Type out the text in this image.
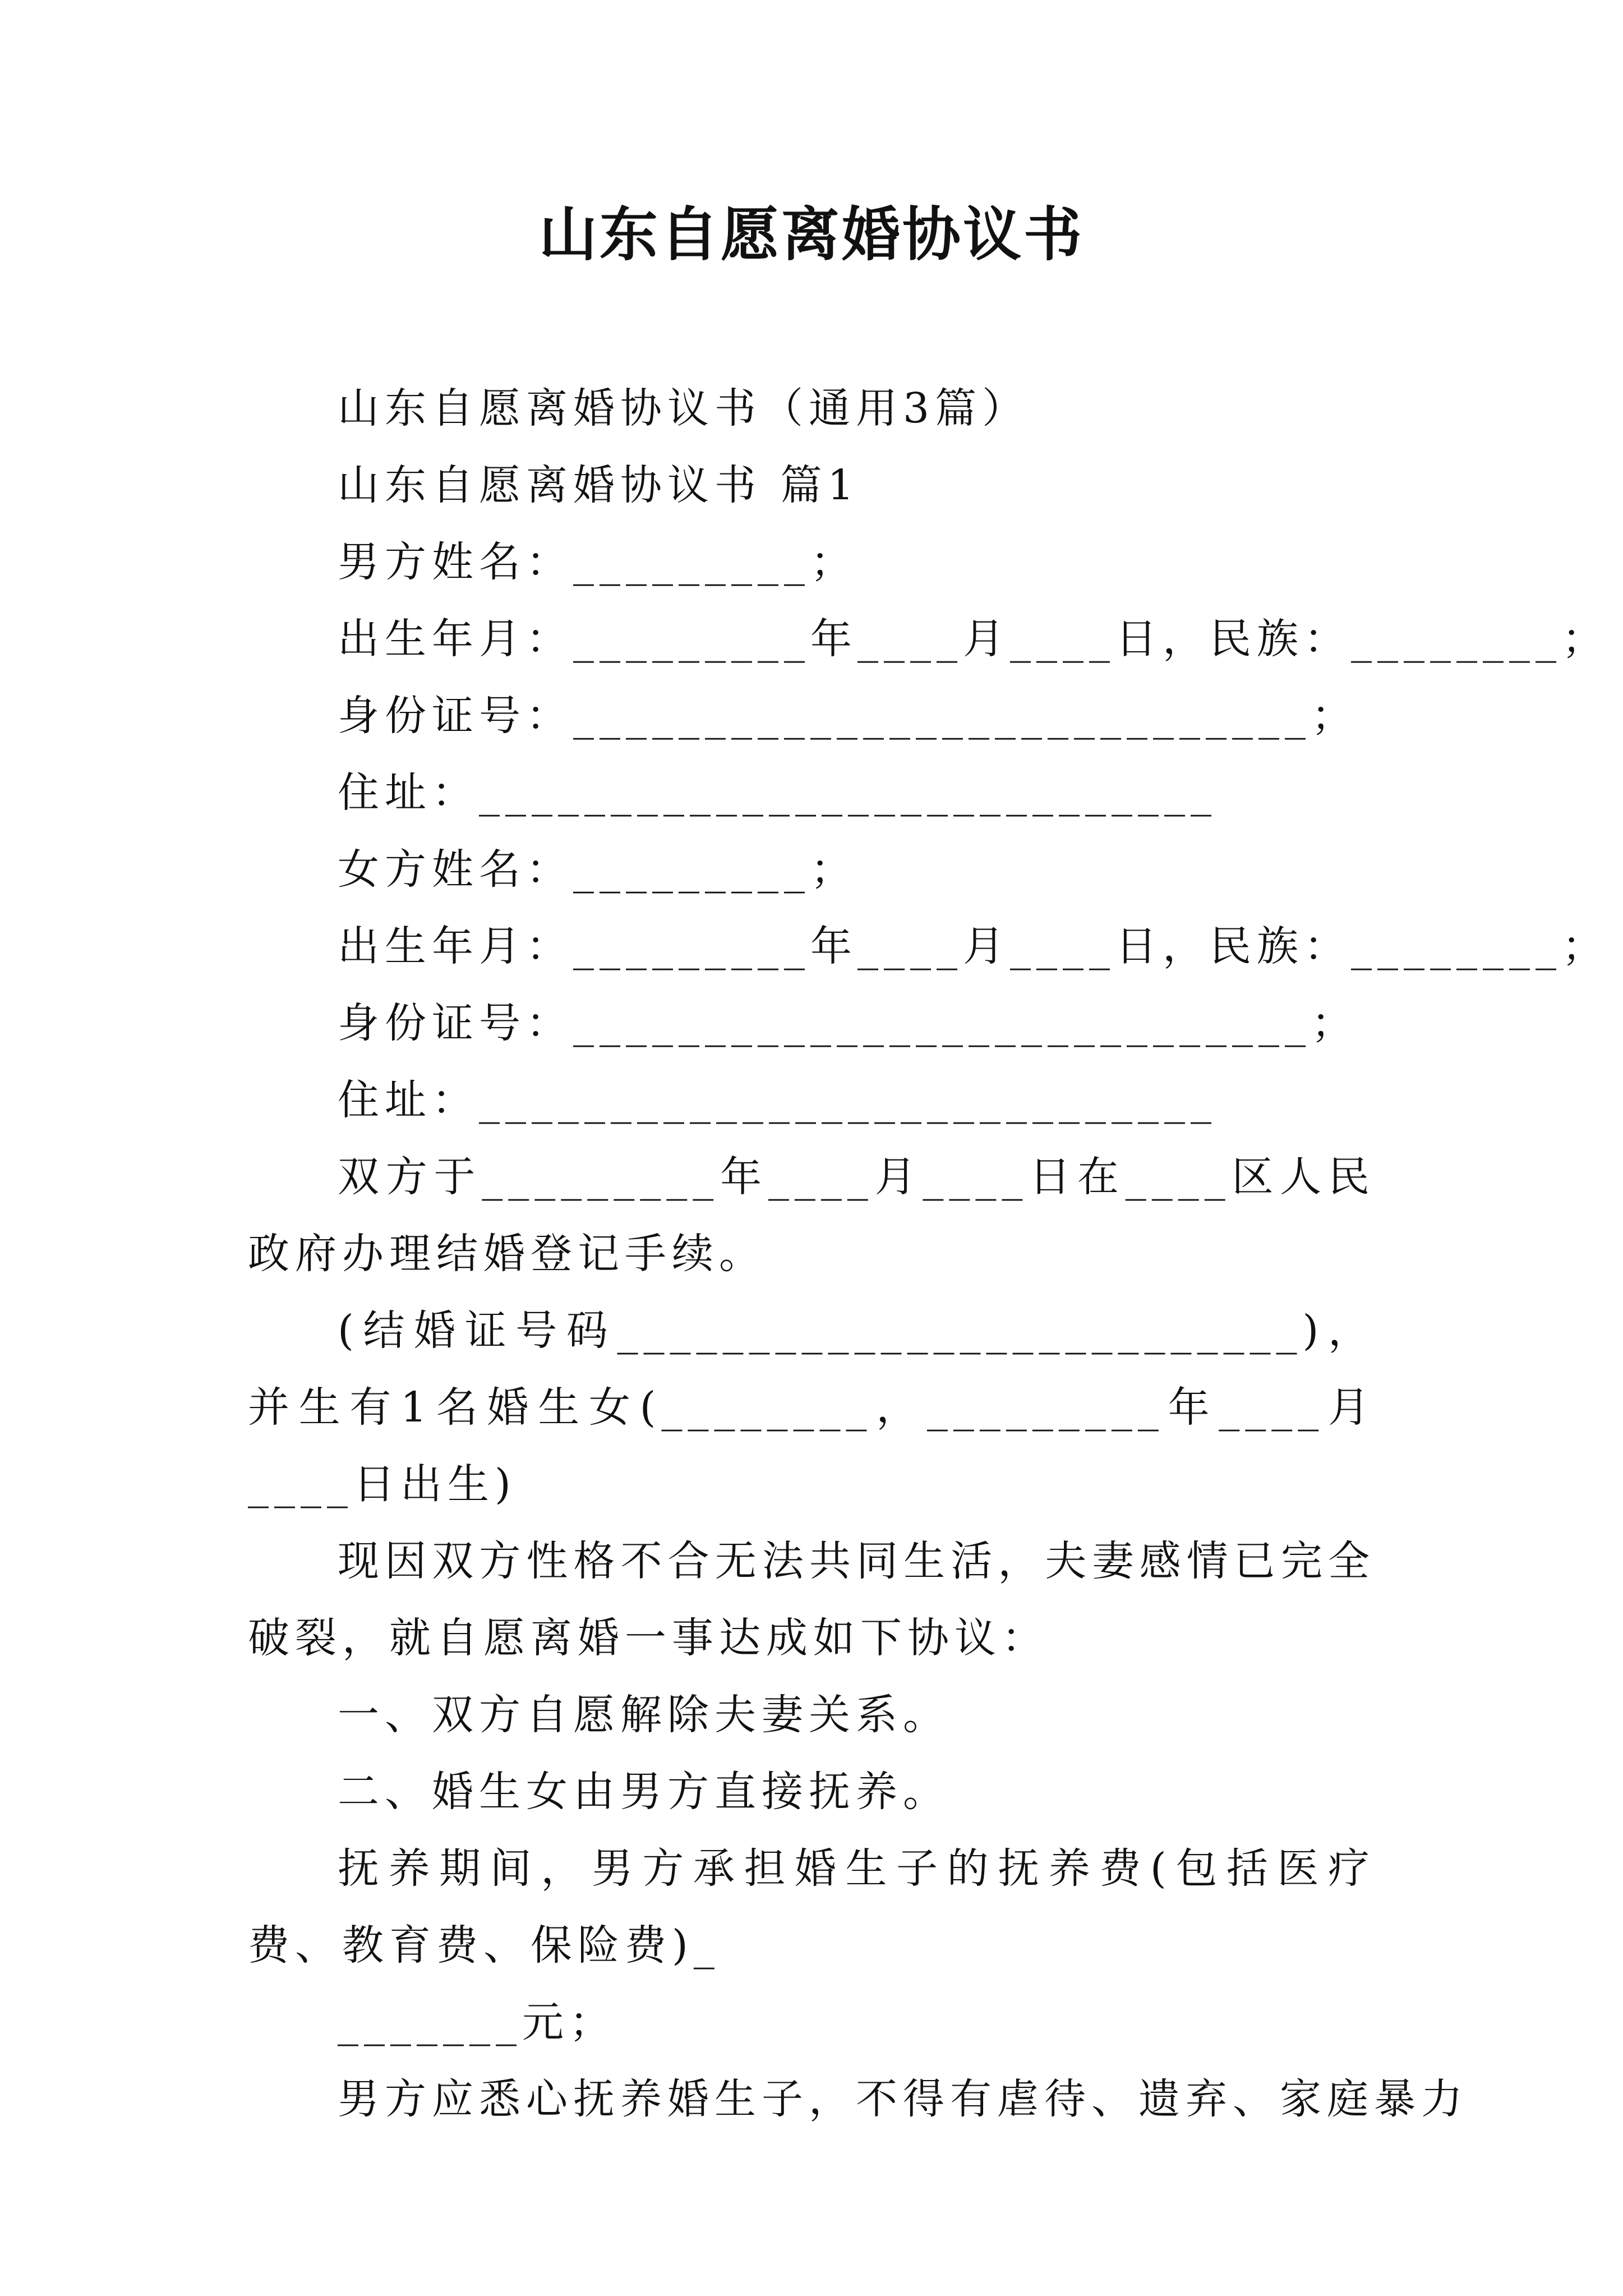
山东自愿离婚协议书

山东自愿离婚协议书（通用3篇）

山东自愿离婚协议书 篇1

男方姓名：_________；

出生年月：_________年____月____日，民族：________；

身份证号：____________________________；

住址：____________________________

女方姓名：_________；

出生年月：_________年____月____日，民族：________；

身份证号：____________________________；

住址：____________________________

双方于_________年____月____日在____区人民政府办理结婚登记手续。

(结婚证号码__________________________)，并生有1名婚生女(________，_________年____月____日出生)

现因双方性格不合无法共同生活，夫妻感情已完全破裂，就自愿离婚一事达成如下协议：

一、双方自愿解除夫妻关系。

二、婚生女由男方直接抚养。

抚养期间，男方承担婚生子的抚养费(包括医疗费、教育费、保险费)_

_______元；

男方应悉心抚养婚生子，不得有虐待、遗弃、家庭暴力
